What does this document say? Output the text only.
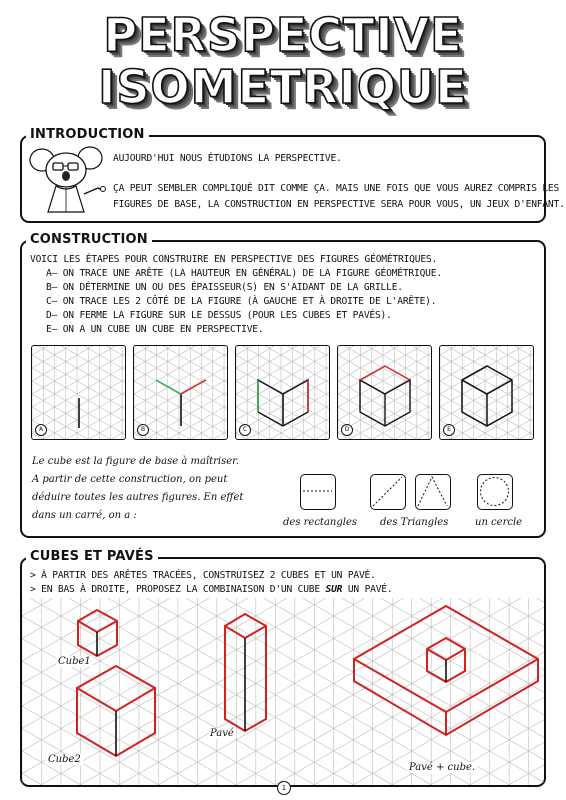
P E R S P E C T I V E
I S O M E T R I Q U E
INTRODUCTION
AUJOURD'HUI NOUS ÉTUDIONS LA PERSPECTIVE.
ÇA PEUT SEMBLER COMPLIQUÉ DIT COMME ÇA. MAIS UNE FOIS QUE VOUS AUREZ COMPRIS LES
FIGURES DE BASE, LA CONSTRUCTION EN PERSPECTIVE SERA POUR VOUS, UN JEUX D'ENFANT.
CONSTRUCTION
VOICI LES ÉTAPES POUR CONSTRUIRE EN PERSPECTIVE DES FIGURES GÉOMÉTRIQUES.
A– ON TRACE UNE ARÊTE (LA HAUTEUR EN GÉNÉRAL) DE LA FIGURE GÉOMÉTRIQUE.
B– ON DÉTERMINE UN OU DES ÉPAISSEUR(S) EN S'AIDANT DE LA GRILLE.
C– ON TRACE LES 2 CÔTÉ DE LA FIGURE (À GAUCHE ET À DROITE DE L'ARÊTE).
D– ON FERME LA FIGURE SUR LE DESSUS (POUR LES CUBES ET PAVÉS).
E– ON A UN CUBE UN CUBE EN PERSPECTIVE.
A	B	C	D	E
Le cube est la figure de base à maîtriser.
A partir de cette construction, on peut
déduire toutes les autres figures. En effet
dans un carré, on a :
des rectangles des Triangles	un cercle
CUBES ET PAVÉS
> À PARTIR DES ARÊTES TRACÉES, CONSTRUISEZ 2 CUBES ET UN PAVÉ.
> EN BAS À DROITE, PROPOSEZ LA COMBINAISON D'UN CUBE SUR UN PAVÉ.
Cube1
Cube2
Pavé
Pavé + cube.
1
